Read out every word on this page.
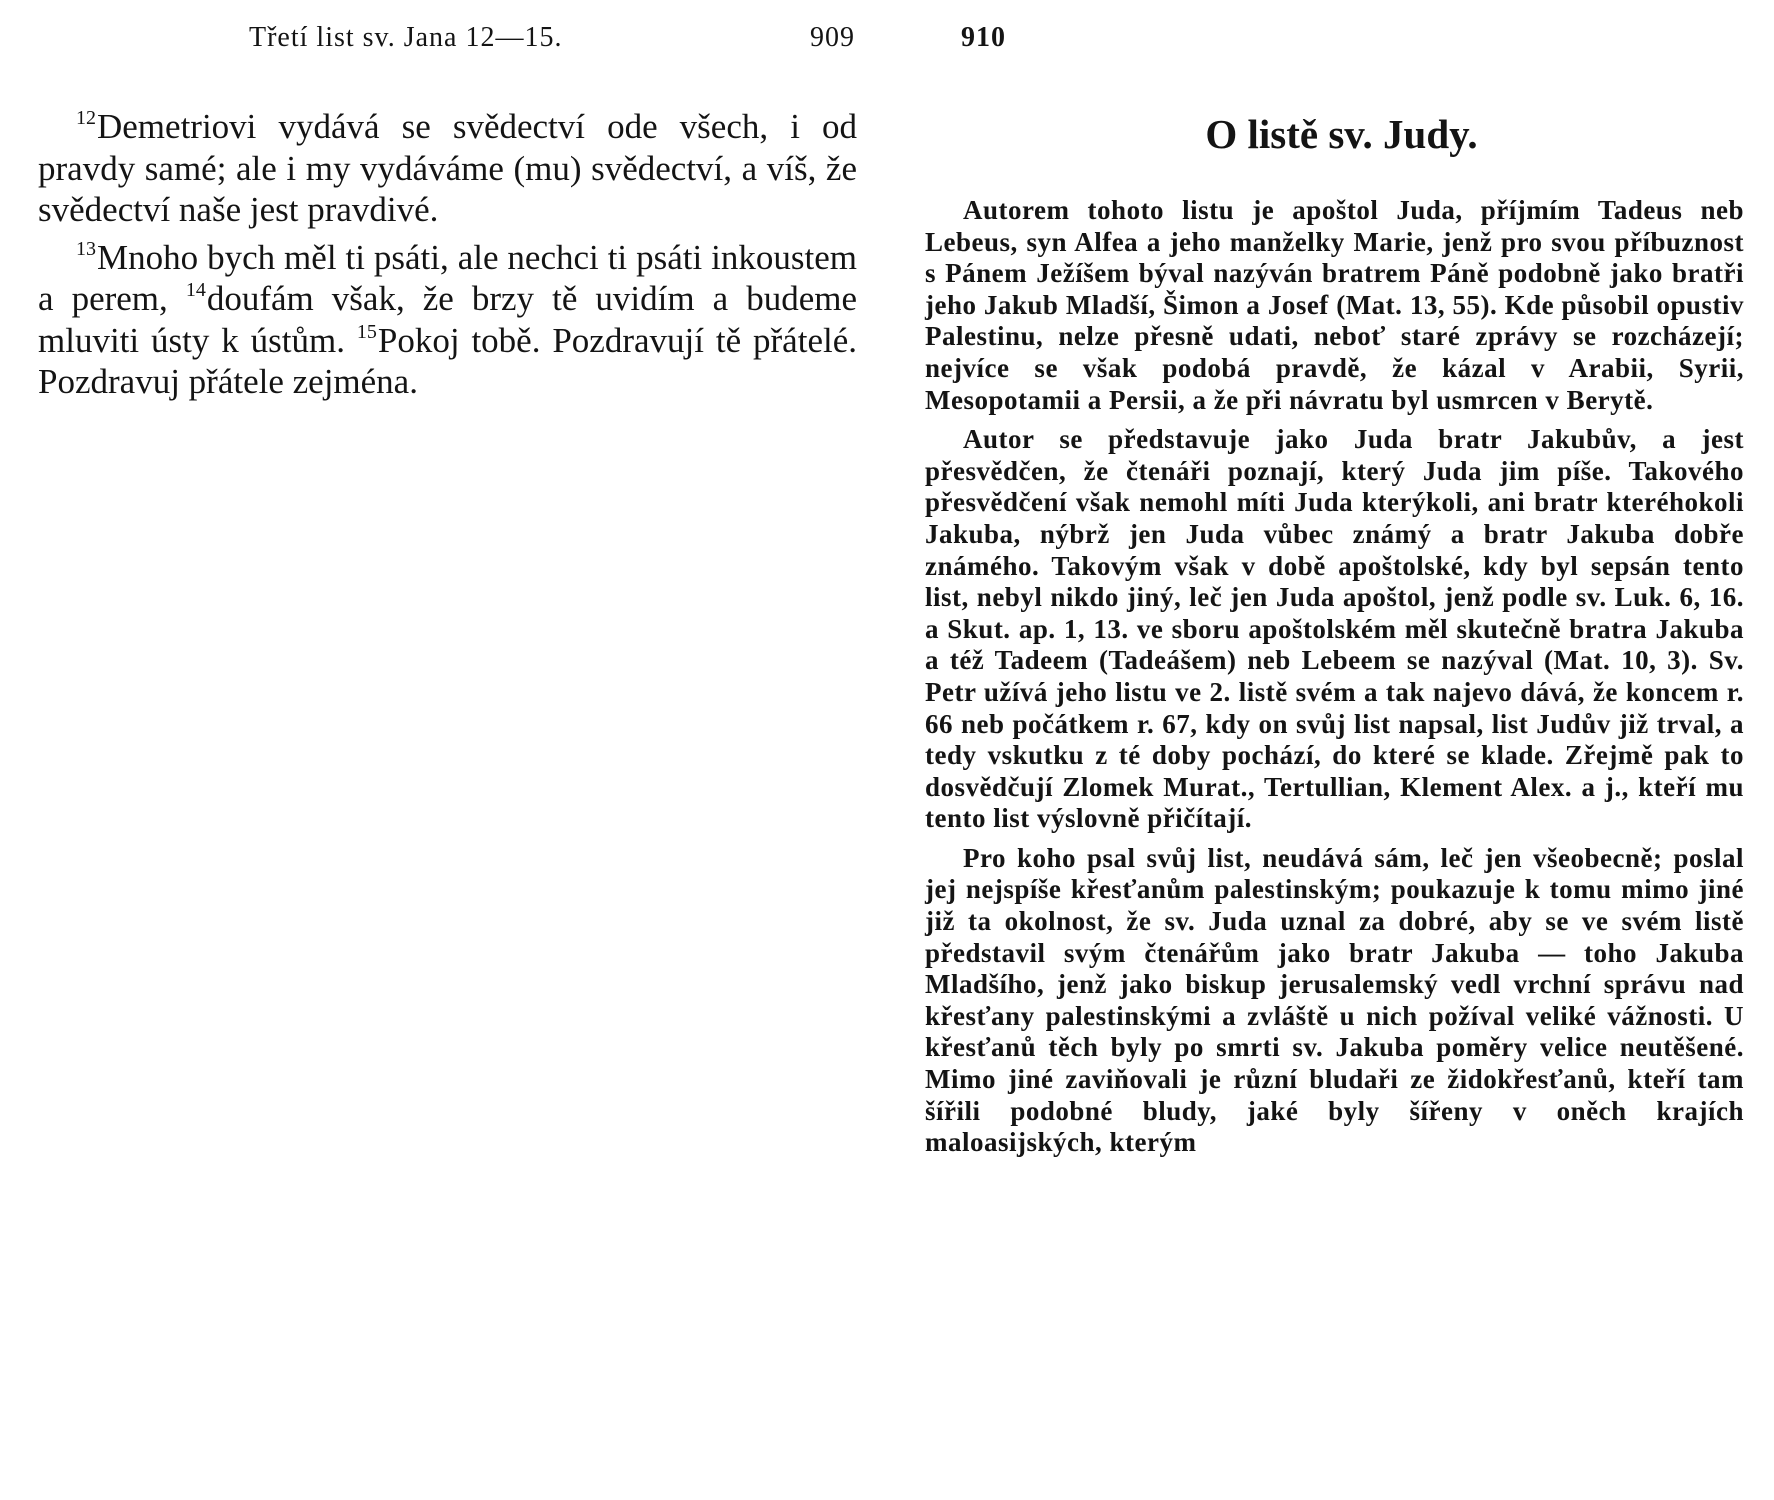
Třetí list sv. Jana 12—15.	909

$^{12}$Demetriovi vydává se svědectví ode všech, i od pravdy samé; ale i my vydáváme (mu) svědectví, a víš, že svědectví naše jest pravdivé.

$^{13}$Mnoho bych měl ti psáti, ale nechci ti psáti inkoustem a perem, $^{14}$doufám však, že brzy tě uvidím a budeme mluviti ústy k ústům. $^{15}$Pokoj tobě. Pozdravují tě přátelé. Pozdravuj přátele zejména.

910
O listě sv. Judy.

Autorem tohoto listu je apoštol Juda, příjmím Tadeus neb Lebeus, syn Alfea a jeho manželky Marie, jenž pro svou příbuznost s Pánem Ježíšem býval nazýván bratrem Páně podobně jako bratři jeho Jakub Mladší, Šimon a Josef (Mat. 13, 55). Kde působil opustiv Palestinu, nelze přesně udati, neboť staré zprávy se rozcházejí; nejvíce se však podobá pravdě, že kázal v Arabii, Syrii, Mesopotamii a Persii, a že při návratu byl usmrcen v Berytě.

Autor se představuje jako Juda bratr Jakubův, a jest přesvědčen, že čtenáři poznají, který Juda jim píše. Takového přesvědčení však nemohl míti Juda kterýkoli, ani bratr kteréhokoli Jakuba, nýbrž jen Juda vůbec známý a bratr Jakuba dobře známého. Takovým však v době apoštolské, kdy byl sepsán tento list, nebyl nikdo jiný, leč jen Juda apoštol, jenž podle sv. Luk. 6, 16. a Skut. ap. 1, 13. ve sboru apoštolském měl skutečně bratra Jakuba a též Tadeem (Tadeášem) neb Lebeem se nazýval (Mat. 10, 3). Sv. Petr užívá jeho listu ve 2. listě svém a tak najevo dává, že koncem r. 66 neb počátkem r. 67, kdy on svůj list napsal, list Judův již trval, a tedy vskutku z té doby pochází, do které se klade. Zřejmě pak to dosvědčují Zlomek Murat., Tertullian, Klement Alex. a j., kteří mu tento list výslovně přičítají.

Pro koho psal svůj list, neudává sám, leč jen všeobecně; poslal jej nejspíše křesťanům palestinským; poukazuje k tomu mimo jiné již ta okolnost, že sv. Juda uznal za dobré, aby se ve svém listě představil svým čtenářům jako bratr Jakuba — toho Jakuba Mladšího, jenž jako biskup jerusalemský vedl vrchní správu nad křesťany palestinskými a zvláště u nich požíval veliké vážnosti. U křesťanů těch byly po smrti sv. Jakuba poměry velice neutěšené. Mimo jiné zaviňovali je různí bludaři ze židokřesťanů, kteří tam šířili podobné bludy, jaké byly šířeny v oněch krajích maloasijských, kterým
